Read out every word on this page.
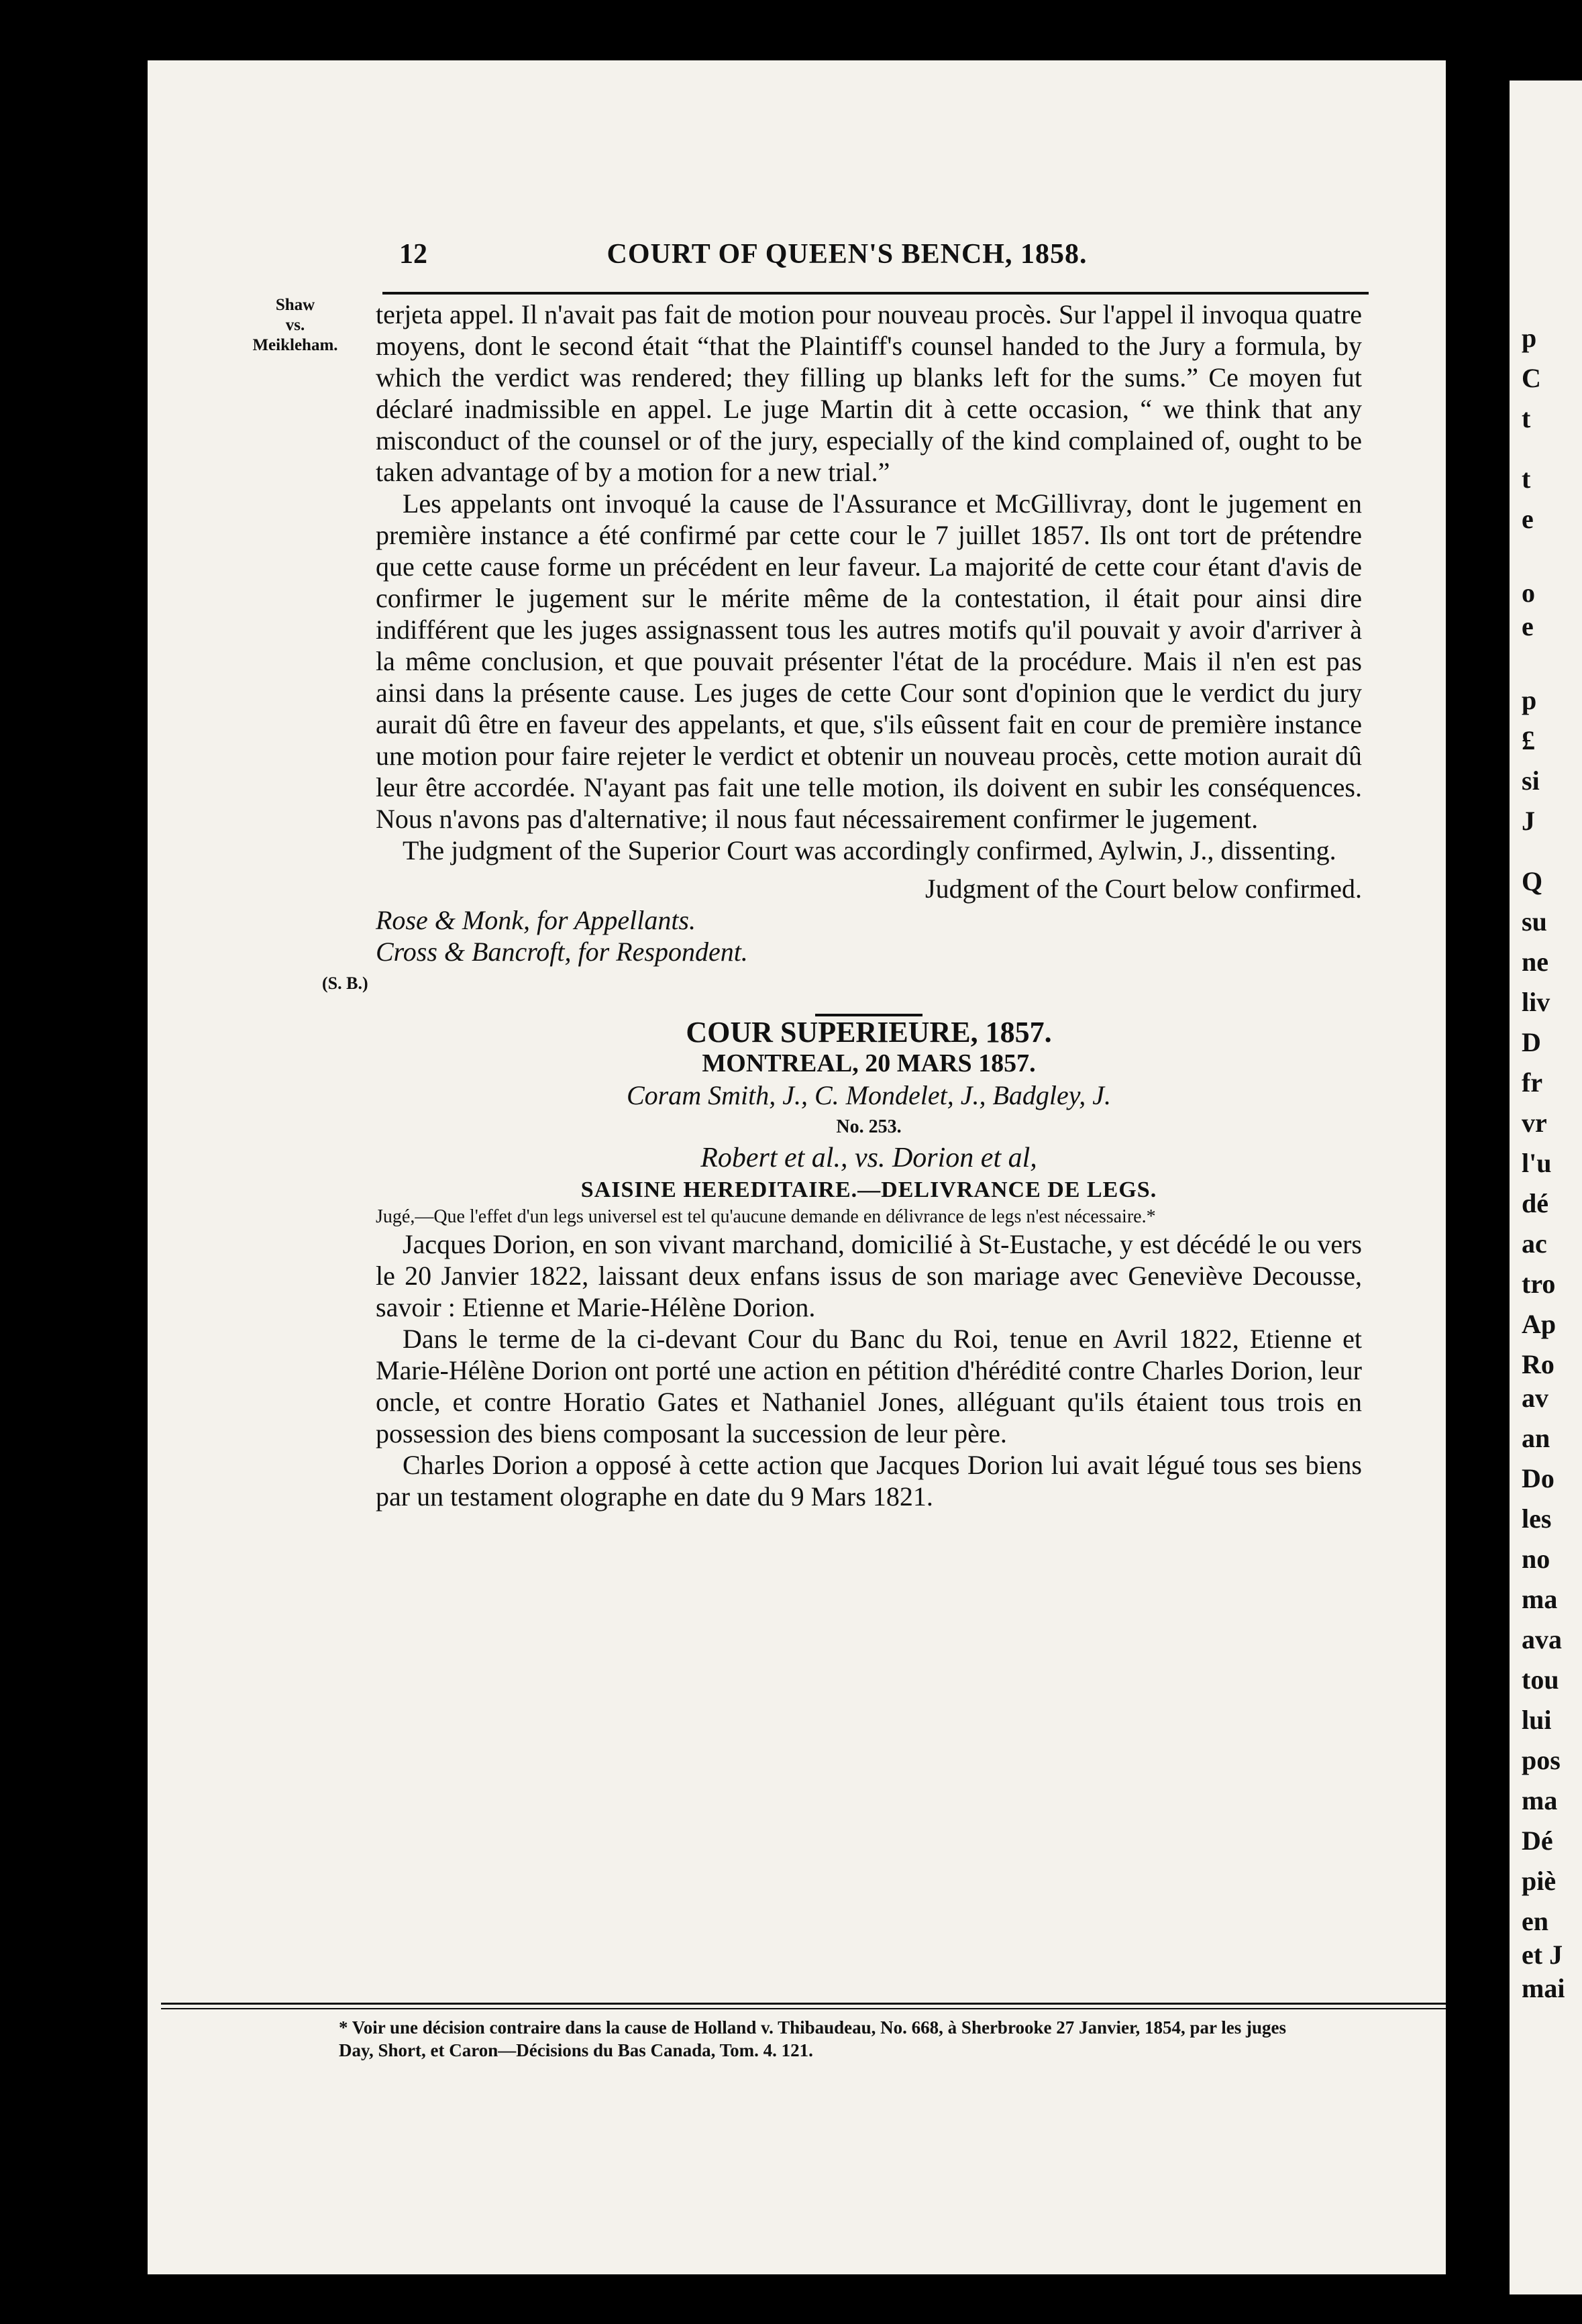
p
C
t
t
e
o
e
p
£
si
J
Q
su
ne
liv
D
fr
vr
l'u
dé
ac
tro
Ap
Ro
av
an
Do
les
no
ma
ava
tou
lui
pos
ma
Dé
piè
en
et J
mai
12	COURT OF QUEEN'S BENCH, 1858.
Shaw
vs.
Meikleham.

terjeta appel. Il n'avait pas fait de motion pour nouveau procès. Sur l'appel il invoqua quatre moyens, dont le second était “that the Plaintiff's counsel handed to the Jury a formula, by which the verdict was rendered; they filling up blanks left for the sums.” Ce moyen fut déclaré inadmissible en appel. Le juge Martin dit à cette occasion, “ we think that any misconduct of the counsel or of the jury, especially of the kind complained of, ought to be taken advantage of by a motion for a new trial.”

Les appelants ont invoqué la cause de l'Assurance et McGillivray, dont le jugement en première instance a été confirmé par cette cour le 7 juillet 1857. Ils ont tort de prétendre que cette cause forme un précédent en leur faveur. La majorité de cette cour étant d'avis de confirmer le jugement sur le mérite même de la contestation, il était pour ainsi dire indifférent que les juges assignassent tous les autres motifs qu'il pouvait y avoir d'arriver à la même conclusion, et que pouvait présenter l'état de la procédure. Mais il n'en est pas ainsi dans la présente cause. Les juges de cette Cour sont d'opinion que le verdict du jury aurait dû être en faveur des appelants, et que, s'ils eûssent fait en cour de première instance une motion pour faire rejeter le verdict et obtenir un nouveau procès, cette motion aurait dû leur être accordée. N'ayant pas fait une telle motion, ils doivent en subir les conséquences. Nous n'avons pas d'alternative; il nous faut nécessairement confirmer le jugement.

The judgment of the Superior Court was accordingly confirmed, Aylwin, J., dissenting.

Judgment of the Court below confirmed.

Rose & Monk, for Appellants.

Cross & Bancroft, for Respondent.

(S. B.)

COUR SUPERIEURE, 1857.

MONTREAL, 20 MARS 1857.

Coram Smith, J., C. Mondelet, J., Badgley, J.

No. 253.

Robert et al., vs. Dorion et al,

SAISINE HEREDITAIRE.—DELIVRANCE DE LEGS.

Jugé,—Que l'effet d'un legs universel est tel qu'aucune demande en délivrance de legs n'est nécessaire.*

Jacques Dorion, en son vivant marchand, domicilié à St-Eustache, y est décédé le ou vers le 20 Janvier 1822, laissant deux enfans issus de son mariage avec Geneviève Decousse, savoir : Etienne et Marie-Hélène Dorion.

Dans le terme de la ci-devant Cour du Banc du Roi, tenue en Avril 1822, Etienne et Marie-Hélène Dorion ont porté une action en pétition d'hérédité contre Charles Dorion, leur oncle, et contre Horatio Gates et Nathaniel Jones, alléguant qu'ils étaient tous trois en possession des biens composant la succession de leur père.

Charles Dorion a opposé à cette action que Jacques Dorion lui avait légué tous ses biens par un testament olographe en date du 9 Mars 1821.

* Voir une décision contraire dans la cause de Holland v. Thibaudeau, No. 668, à Sherbrooke 27 Janvier, 1854, par les juges Day, Short, et Caron—Décisions du Bas Canada, Tom. 4. 121.
